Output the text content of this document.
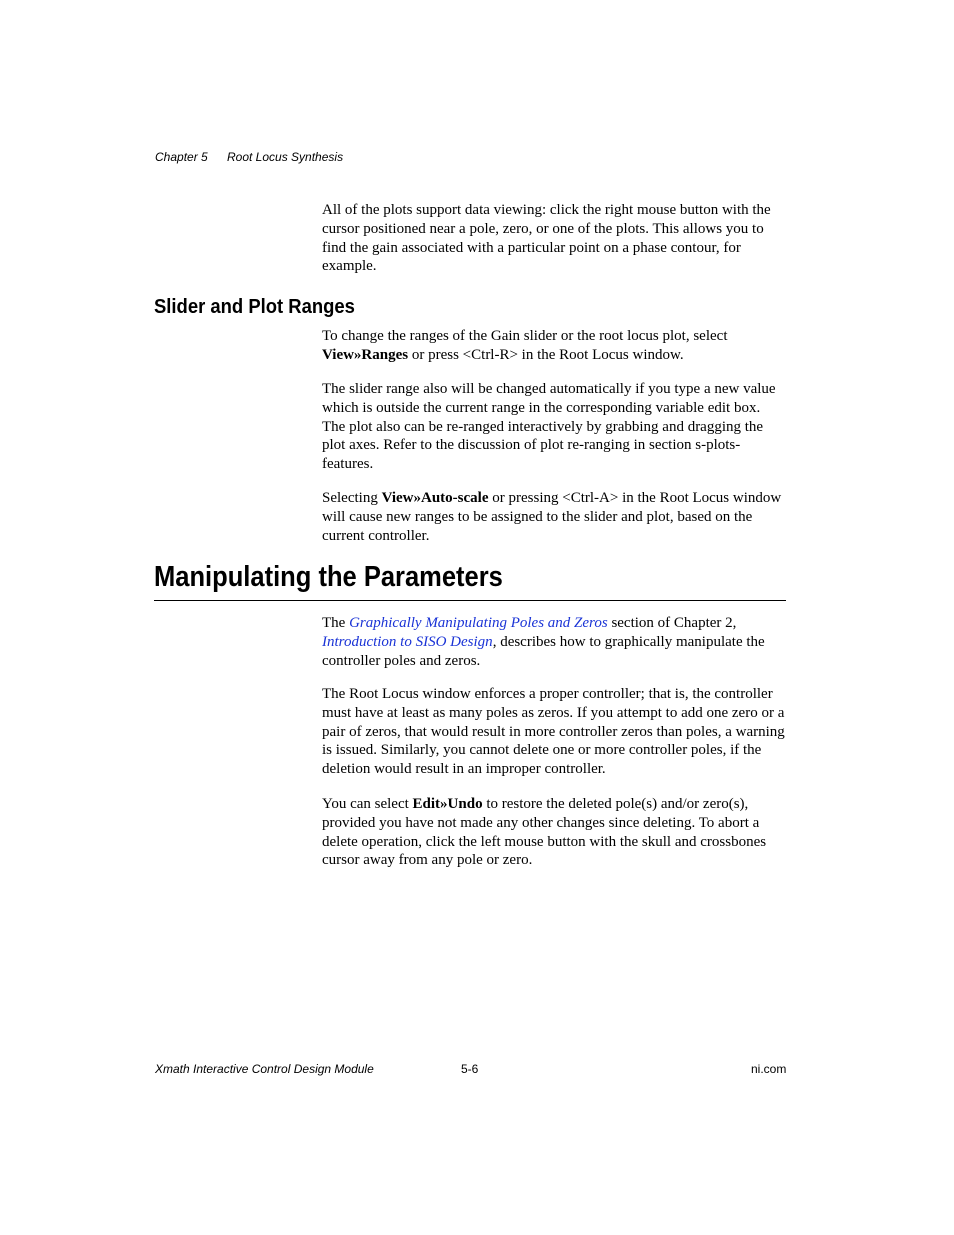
Chapter 5 Root Locus Synthesis

All of the plots support data viewing: click the right mouse button with the cursor positioned near a pole, zero, or one of the plots. This allows you to find the gain associated with a particular point on a phase contour, for example.

Slider and Plot Ranges

To change the ranges of the Gain slider or the root locus plot, select View»Ranges or press <Ctrl-R> in the Root Locus window.

The slider range also will be changed automatically if you type a new value which is outside the current range in the corresponding variable edit box. The plot also can be re-ranged interactively by grabbing and dragging the plot axes. Refer to the discussion of plot re-ranging in section s-plots-features.

Selecting View»Auto-scale or pressing <Ctrl-A> in the Root Locus window will cause new ranges to be assigned to the slider and plot, based on the current controller.

Manipulating the Parameters

The Graphically Manipulating Poles and Zeros section of Chapter 2, Introduction to SISO Design, describes how to graphically manipulate the controller poles and zeros.

The Root Locus window enforces a proper controller; that is, the controller must have at least as many poles as zeros. If you attempt to add one zero or a pair of zeros, that would result in more controller zeros than poles, a warning is issued. Similarly, you cannot delete one or more controller poles, if the deletion would result in an improper controller.

You can select Edit»Undo to restore the deleted pole(s) and/or zero(s), provided you have not made any other changes since deleting. To abort a delete operation, click the left mouse button with the skull and crossbones cursor away from any pole or zero.

Xmath Interactive Control Design Module	5-6	ni.com
